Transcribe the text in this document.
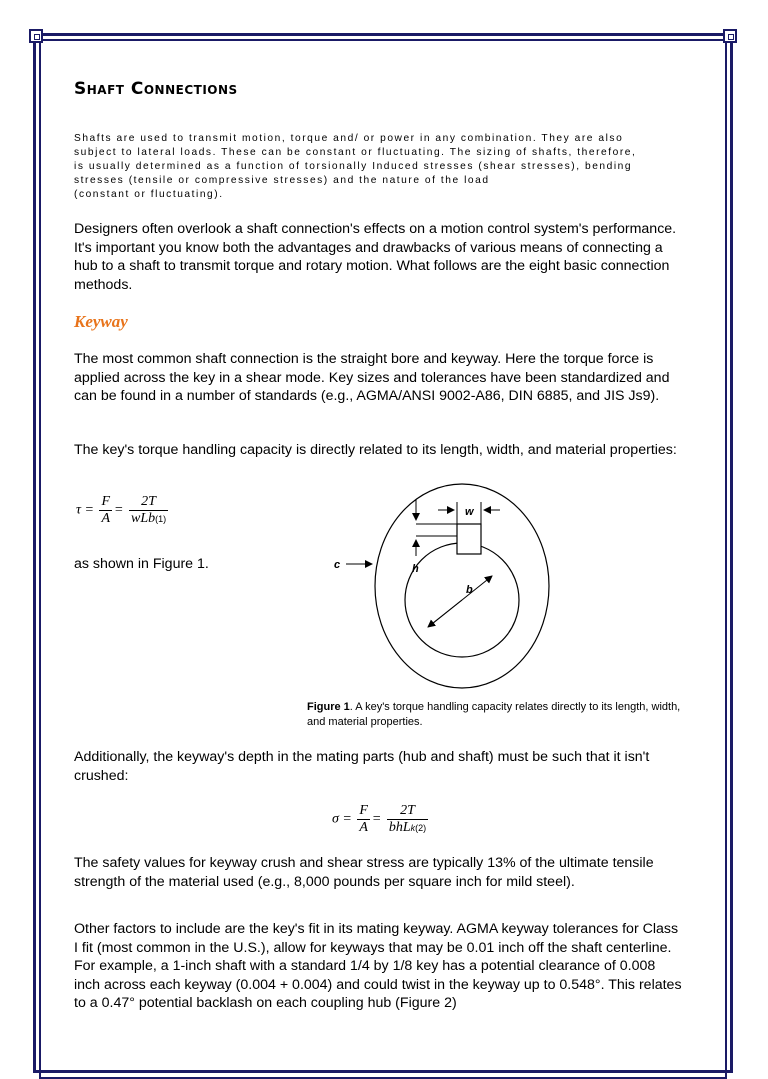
Shaft Connections
Shafts are used to transmit motion, torque and/ or power in any combination. They are also
subject to lateral loads. These can be constant or fluctuating. The sizing of shafts, therefore,
is usually determined as a function of torsionally Induced stresses (shear stresses), bending
stresses (tensile or compressive stresses) and the nature of the load
(constant or fluctuating).
Designers often overlook a shaft connection's effects on a motion control system's performance. It's important you know both the advantages and drawbacks of various means of connecting a hub to a shaft to transmit torque and rotary motion. What follows are the eight basic connection methods.
Keyway
The most common shaft connection is the straight bore and keyway. Here the torque force is applied across the key in a shear mode. Key sizes and tolerances have been standardized and can be found in a number of standards (e.g., AGMA/ANSI 9002-A86, DIN 6885, and JIS Js9).
The key's torque handling capacity is directly related to its length, width, and material properties:
$\tau = \frac{F}{A} = \frac{2T}{\text{wLb(1)}}$
as shown in Figure 1.
Additionally, the keyway's depth in the mating parts (hub and shaft) must be such that it isn't crushed:
$\sigma = \frac{F}{A} = \frac{2T}{\text{bhLk(2)}}$
The safety values for keyway crush and shear stress are typically 13% of the ultimate tensile strength of the material used (e.g., 8,000 pounds per square inch for mild steel).
Other factors to include are the key's fit in its mating keyway. AGMA keyway tolerances for Class I fit (most common in the U.S.), allow for keyways that may be 0.01 inch off the shaft centerline. For example, a 1-inch shaft with a standard 1/4 by 1/8 key has a potential clearance of 0.008 inch across each keyway (0.004 + 0.004) and could twist in the keyway up to 0.548°. This relates to a 0.47° potential backlash on each coupling hub (Figure 2)
w
h
b
c
Figure 1. A key's torque handling capacity relates directly to its length, width, and material properties.
